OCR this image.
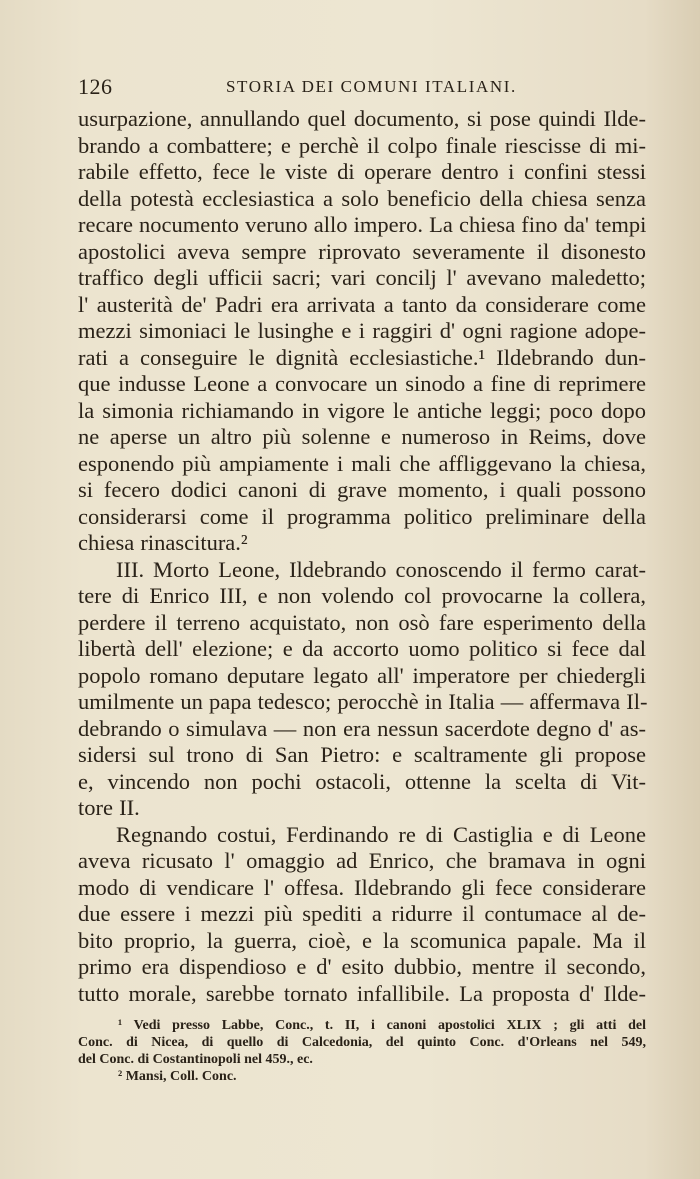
126	STORIA DEI COMUNI ITALIANI.
usurpazione, annullando quel documento, si pose quindi Ilde-
brando a combattere; e perchè il colpo finale riescisse di mi-
rabile effetto, fece le viste di operare dentro i confini stessi
della potestà ecclesiastica a solo beneficio della chiesa senza
recare nocumento veruno allo impero. La chiesa fino da' tempi
apostolici aveva sempre riprovato severamente il disonesto
traffico degli ufficii sacri; vari concilj l' avevano maledetto;
l' austerità de' Padri era arrivata a tanto da considerare come
mezzi simoniaci le lusinghe e i raggiri d' ogni ragione adope-
rati a conseguire le dignità ecclesiastiche.¹ Ildebrando dun-
que indusse Leone a convocare un sinodo a fine di reprimere
la simonia richiamando in vigore le antiche leggi; poco dopo
ne aperse un altro più solenne e numeroso in Reims, dove
esponendo più ampiamente i mali che affliggevano la chiesa,
si fecero dodici canoni di grave momento, i quali possono
considerarsi come il programma politico preliminare della
chiesa rinascitura.²
III. Morto Leone, Ildebrando conoscendo il fermo carat-
tere di Enrico III, e non volendo col provocarne la collera,
perdere il terreno acquistato, non osò fare esperimento della
libertà dell' elezione; e da accorto uomo politico si fece dal
popolo romano deputare legato all' imperatore per chiedergli
umilmente un papa tedesco; perocchè in Italia — affermava Il-
debrando o simulava — non era nessun sacerdote degno d' as-
sidersi sul trono di San Pietro: e scaltramente gli propose
e, vincendo non pochi ostacoli, ottenne la scelta di Vit-
tore II.
Regnando costui, Ferdinando re di Castiglia e di Leone
aveva ricusato l' omaggio ad Enrico, che bramava in ogni
modo di vendicare l' offesa. Ildebrando gli fece considerare
due essere i mezzi più spediti a ridurre il contumace al de-
bito proprio, la guerra, cioè, e la scomunica papale. Ma il
primo era dispendioso e d' esito dubbio, mentre il secondo,
tutto morale, sarebbe tornato infallibile. La proposta d' Ilde-
¹ Vedi presso Labbe, Conc., t. II, i canoni apostolici XLIX ; gli atti del
Conc. di Nicea, di quello di Calcedonia, del quinto Conc. d'Orleans nel 549,
del Conc. di Costantinopoli nel 459., ec.
² Mansi, Coll. Conc.
